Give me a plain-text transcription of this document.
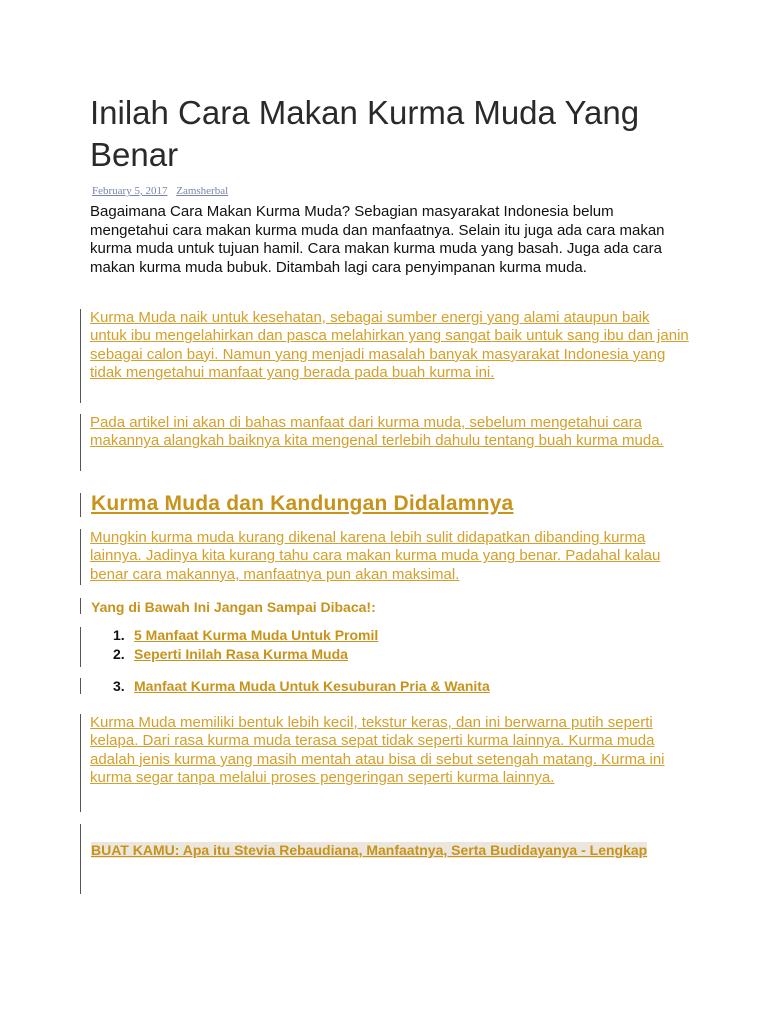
Inilah Cara Makan Kurma Muda Yang Benar
February 5, 2017 Zamsherbal

Bagaimana Cara Makan Kurma Muda? Sebagian masyarakat Indonesia belum mengetahui cara makan kurma muda dan manfaatnya. Selain itu juga ada cara makan kurma muda untuk tujuan hamil. Cara makan kurma muda yang basah. Juga ada cara makan kurma muda bubuk. Ditambah lagi cara penyimpanan kurma muda.

Kurma Muda naik untuk kesehatan, sebagai sumber energi yang alami ataupun baik untuk ibu mengelahirkan dan pasca melahirkan yang sangat baik untuk sang ibu dan janin sebagai calon bayi. Namun yang menjadi masalah banyak masyarakat Indonesia yang tidak mengetahui manfaat yang berada pada buah kurma ini.

Pada artikel ini akan di bahas manfaat dari kurma muda, sebelum mengetahui cara makannya alangkah baiknya kita mengenal terlebih dahulu tentang buah kurma muda.

Kurma Muda dan Kandungan Didalamnya

Mungkin kurma muda kurang dikenal karena lebih sulit didapatkan dibanding kurma lainnya. Jadinya kita kurang tahu cara makan kurma muda yang benar. Padahal kalau benar cara makannya, manfaatnya pun akan maksimal.

Yang di Bawah Ini Jangan Sampai Dibaca!:

1. 5 Manfaat Kurma Muda Untuk Promil
2. Seperti Inilah Rasa Kurma Muda
3. Manfaat Kurma Muda Untuk Kesuburan Pria & Wanita

Kurma Muda memiliki bentuk lebih kecil, tekstur keras, dan ini berwarna putih seperti kelapa. Dari rasa kurma muda terasa sepat tidak seperti kurma lainnya. Kurma muda adalah jenis kurma yang masih mentah atau bisa di sebut setengah matang. Kurma ini kurma segar tanpa melalui proses pengeringan seperti kurma lainnya.

BUAT KAMU: Apa itu Stevia Rebaudiana, Manfaatnya, Serta Budidayanya - Lengkap
